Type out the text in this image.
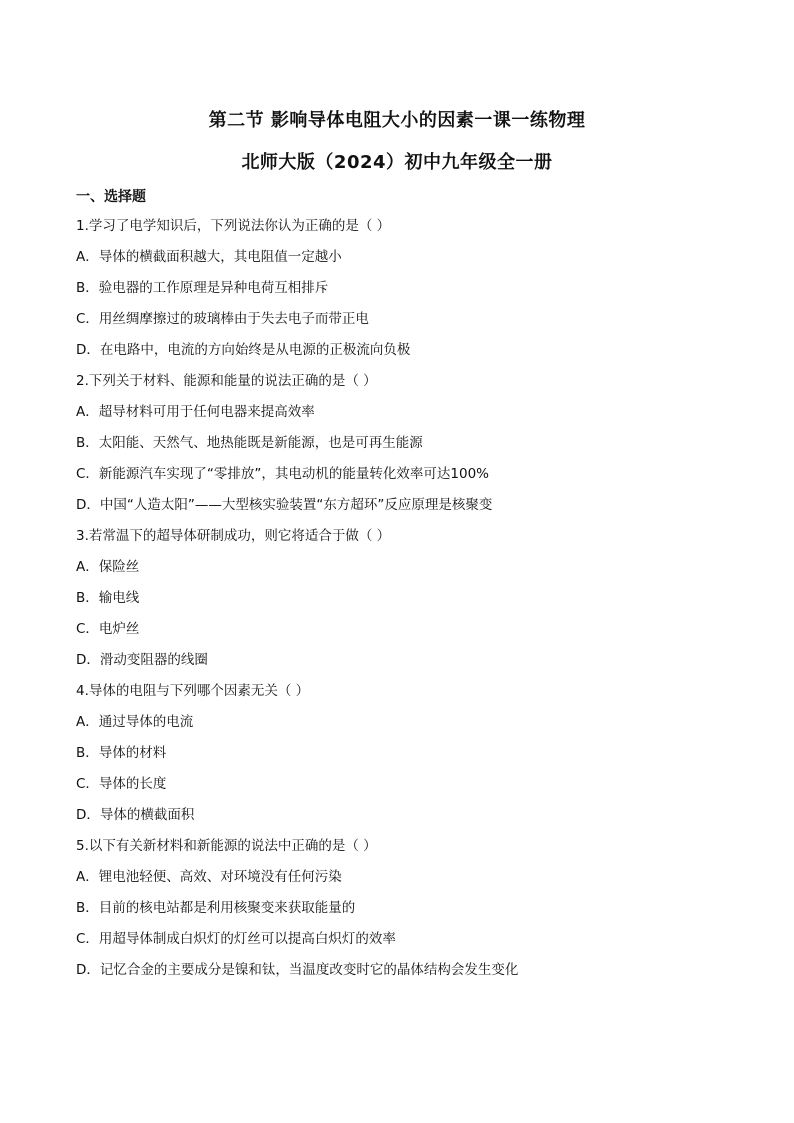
第二节 影响导体电阻大小的因素一课一练物理
北师大版（2024）初中九年级全一册
一、选择题
1.学习了电学知识后，下列说法你认为正确的是（ ）
A．导体的横截面积越大，其电阻值一定越小
B．验电器的工作原理是异种电荷互相排斥
C．用丝绸摩擦过的玻璃棒由于失去电子而带正电
D．在电路中，电流的方向始终是从电源的正极流向负极
2.下列关于材料、能源和能量的说法正确的是（ ）
A．超导材料可用于任何电器来提高效率
B．太阳能、天然气、地热能既是新能源，也是可再生能源
C．新能源汽车实现了“零排放”，其电动机的能量转化效率可达100%
D．中国“人造太阳”——大型核实验装置“东方超环”反应原理是核聚变
3.若常温下的超导体研制成功，则它将适合于做（ ）
A．保险丝
B．输电线
C．电炉丝
D．滑动变阻器的线圈
4.导体的电阻与下列哪个因素无关（ ）
A．通过导体的电流
B．导体的材料
C．导体的长度
D．导体的横截面积
5.以下有关新材料和新能源的说法中正确的是（ ）
A．锂电池轻便、高效、对环境没有任何污染
B．目前的核电站都是利用核聚变来获取能量的
C．用超导体制成白炽灯的灯丝可以提高白炽灯的效率
D．记忆合金的主要成分是镍和钛，当温度改变时它的晶体结构会发生变化
